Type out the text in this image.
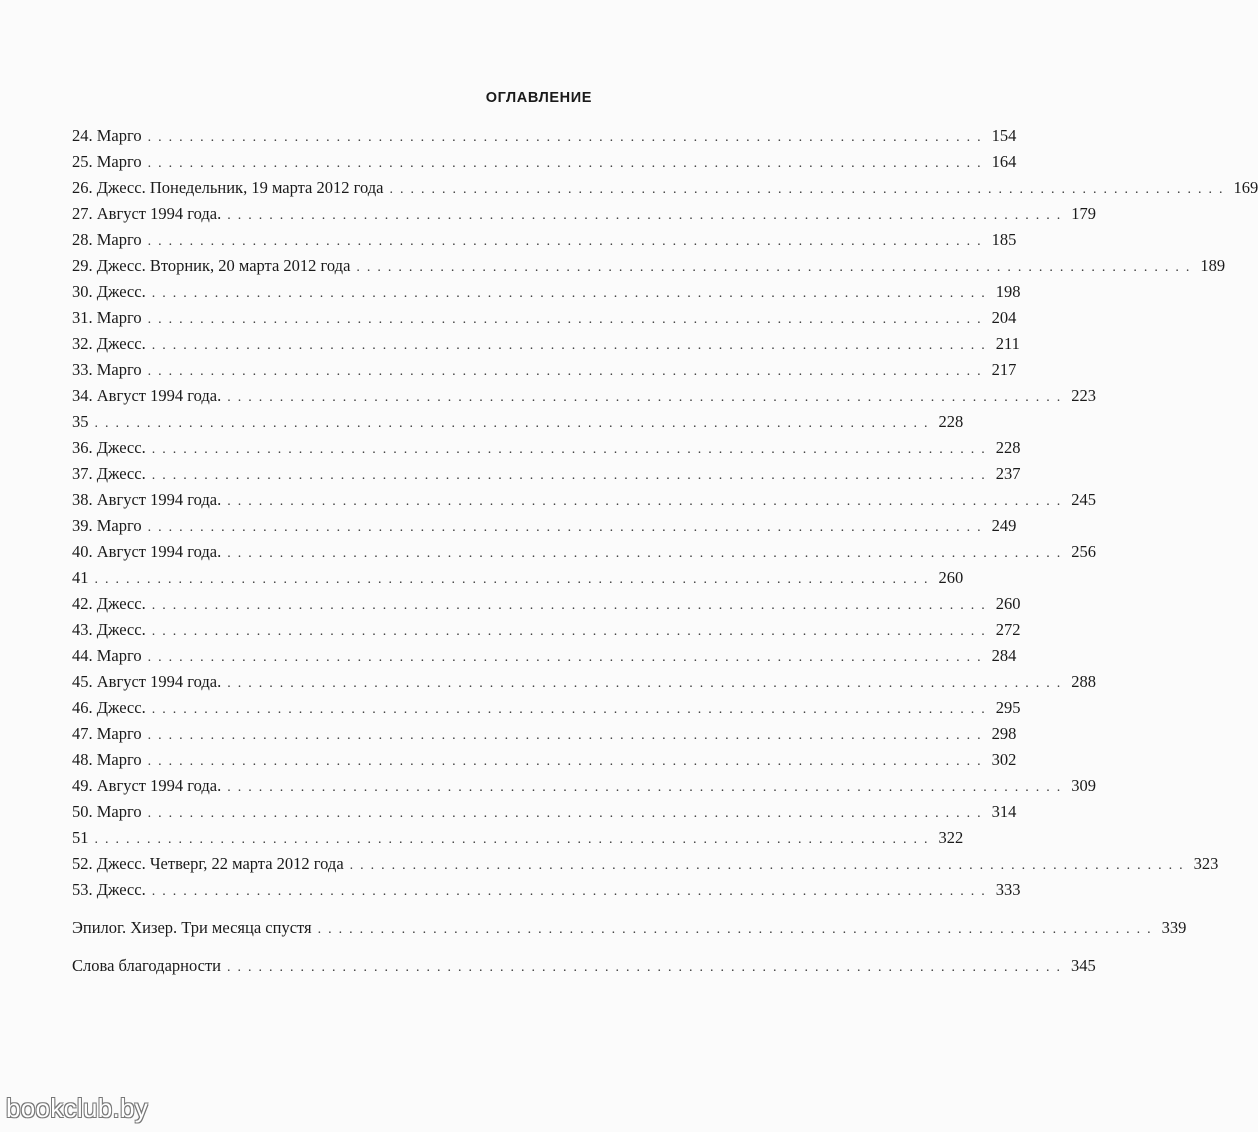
ОГЛАВЛЕНИЕ
24. Марго ................................................................................ 154
25. Марго ................................................................................ 164
26. Джесс. Понедельник, 19 марта 2012 года ................................................................................ 169
27. Август 1994 года. ................................................................................ 179
28. Марго ................................................................................ 185
29. Джесс. Вторник, 20 марта 2012 года ................................................................................ 189
30. Джесс. ................................................................................ 198
31. Марго ................................................................................ 204
32. Джесс. ................................................................................ 211
33. Марго ................................................................................ 217
34. Август 1994 года. ................................................................................ 223
35 ................................................................................ 228
36. Джесс. ................................................................................ 228
37. Джесс. ................................................................................ 237
38. Август 1994 года. ................................................................................ 245
39. Марго ................................................................................ 249
40. Август 1994 года. ................................................................................ 256
41 ................................................................................ 260
42. Джесс. ................................................................................ 260
43. Джесс. ................................................................................ 272
44. Марго ................................................................................ 284
45. Август 1994 года. ................................................................................ 288
46. Джесс. ................................................................................ 295
47. Марго ................................................................................ 298
48. Марго ................................................................................ 302
49. Август 1994 года. ................................................................................ 309
50. Марго ................................................................................ 314
51 ................................................................................ 322
52. Джесс. Четверг, 22 марта 2012 года ................................................................................ 323
53. Джесс. ................................................................................ 333
Эпилог. Хизер. Три месяца спустя ................................................................................ 339
Слова благодарности ................................................................................ 345
bookclub.by
